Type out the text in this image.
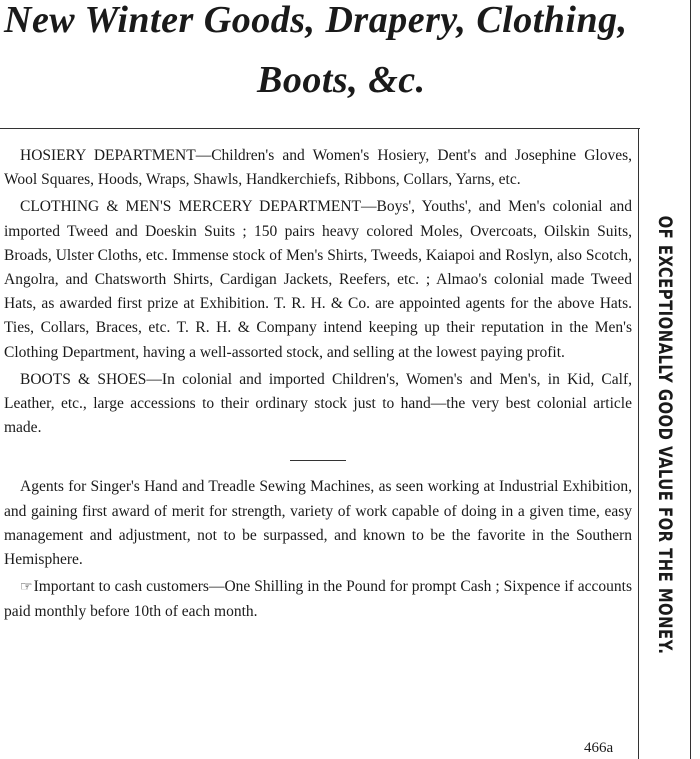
New Winter Goods, Drapery, Clothing,
Boots, &c.

HOSIERY DEPARTMENT—Children's and Women's Hosiery, Dent's and Josephine Gloves, Wool Squares, Hoods, Wraps, Shawls, Handkerchiefs, Ribbons, Collars, Yarns, etc.

CLOTHING & MEN'S MERCERY DEPARTMENT—Boys', Youths', and Men's colonial and imported Tweed and Doeskin Suits ; 150 pairs heavy colored Moles, Overcoats, Oilskin Suits, Broads, Ulster Cloths, etc. Immense stock of Men's Shirts, Tweeds, Kaiapoi and Roslyn, also Scotch, Angolra, and Chatsworth Shirts, Cardigan Jackets, Reefers, etc. ; Almao's colonial made Tweed Hats, as awarded first prize at Exhibition. T. R. H. & Co. are appointed agents for the above Hats. Ties, Collars, Braces, etc. T. R. H. & Company intend keeping up their reputation in the Men's Clothing Department, having a well-assorted stock, and selling at the lowest paying profit.

BOOTS & SHOES—In colonial and imported Children's, Women's and Men's, in Kid, Calf, Leather, etc., large accessions to their ordinary stock just to hand—the very best colonial article made.

Agents for Singer's Hand and Treadle Sewing Machines, as seen working at Industrial Exhibition, and gaining first award of merit for strength, variety of work capable of doing in a given time, easy management and adjustment, not to be surpassed, and known to be the favorite in the Southern Hemisphere.

☞Important to cash customers—One Shilling in the Pound for prompt Cash ; Sixpence if accounts paid monthly before 10th of each month.

466a
OF EXCEPTIONALLY GOOD VALUE FOR THE MONEY.
